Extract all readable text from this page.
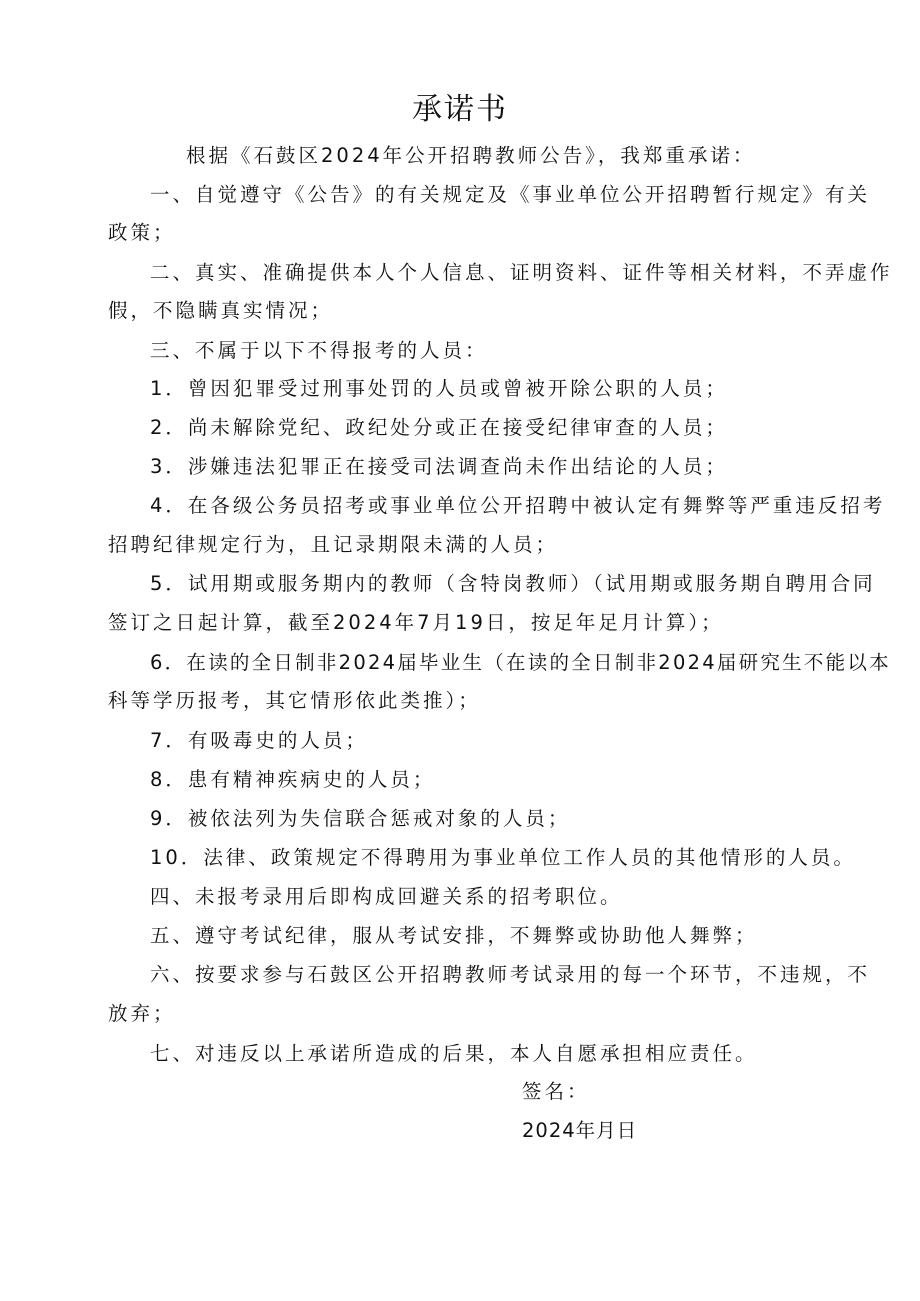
承诺书
根据《石鼓区2024年公开招聘教师公告》，我郑重承诺：
一、自觉遵守《公告》的有关规定及《事业单位公开招聘暂行规定》有关
政策；
二、真实、准确提供本人个人信息、证明资料、证件等相关材料，不弄虚作
假，不隐瞒真实情况；
三、不属于以下不得报考的人员：
1．曾因犯罪受过刑事处罚的人员或曾被开除公职的人员；
2．尚未解除党纪、政纪处分或正在接受纪律审查的人员；
3．涉嫌违法犯罪正在接受司法调查尚未作出结论的人员；
4．在各级公务员招考或事业单位公开招聘中被认定有舞弊等严重违反招考
招聘纪律规定行为，且记录期限未满的人员；
5．试用期或服务期内的教师（含特岗教师）（试用期或服务期自聘用合同
签订之日起计算，截至2024年7月19日，按足年足月计算）；
6．在读的全日制非2024届毕业生（在读的全日制非2024届研究生不能以本
科等学历报考，其它情形依此类推）；
7．有吸毒史的人员；
8．患有精神疾病史的人员；
9．被依法列为失信联合惩戒对象的人员；
10．法律、政策规定不得聘用为事业单位工作人员的其他情形的人员。
四、未报考录用后即构成回避关系的招考职位。
五、遵守考试纪律，服从考试安排，不舞弊或协助他人舞弊；
六、按要求参与石鼓区公开招聘教师考试录用的每一个环节，不违规，不
放弃；
七、对违反以上承诺所造成的后果，本人自愿承担相应责任。
签名：
2024年月日
